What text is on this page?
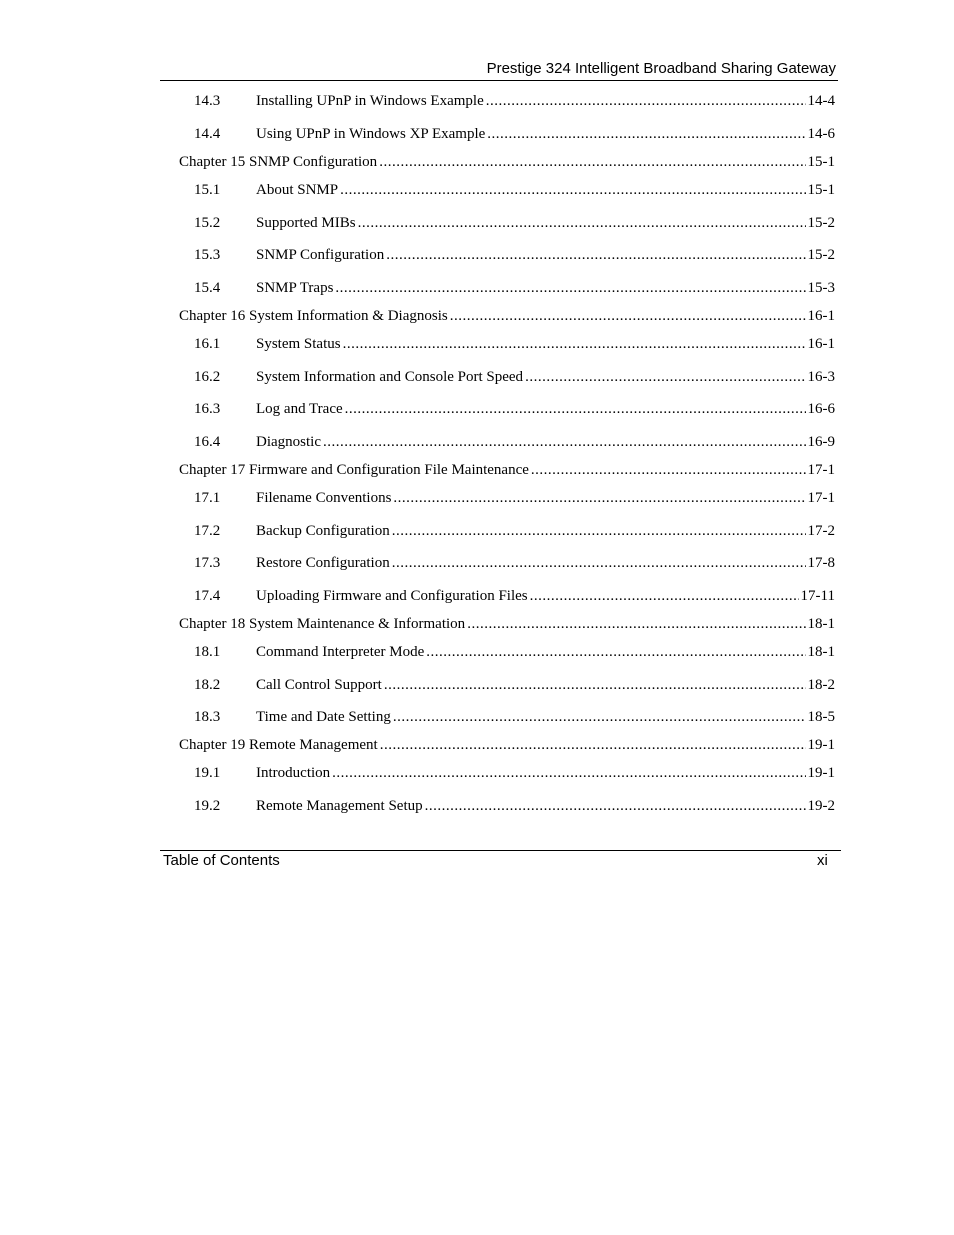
Prestige 324 Intelligent Broadband Sharing Gateway
14.3	Installing UPnP in Windows Example .....	14-4
14.4	Using UPnP in Windows XP Example .....	14-6
Chapter 15 SNMP Configuration .....	15-1
15.1	About SNMP .....	15-1
15.2	Supported MIBs .....	15-2
15.3	SNMP Configuration .....	15-2
15.4	SNMP Traps .....	15-3
Chapter 16 System Information & Diagnosis .....	16-1
16.1	System Status .....	16-1
16.2	System Information and Console Port Speed .....	16-3
16.3	Log and Trace .....	16-6
16.4	Diagnostic .....	16-9
Chapter 17 Firmware and Configuration File Maintenance .....	17-1
17.1	Filename Conventions .....	17-1
17.2	Backup Configuration .....	17-2
17.3	Restore Configuration .....	17-8
17.4	Uploading Firmware and Configuration Files .....	17-11
Chapter 18 System Maintenance & Information .....	18-1
18.1	Command Interpreter Mode .....	18-1
18.2	Call Control Support .....	18-2
18.3	Time and Date Setting .....	18-5
Chapter 19 Remote Management .....	19-1
19.1	Introduction .....	19-1
19.2	Remote Management Setup .....	19-2
Table of Contents	xi
